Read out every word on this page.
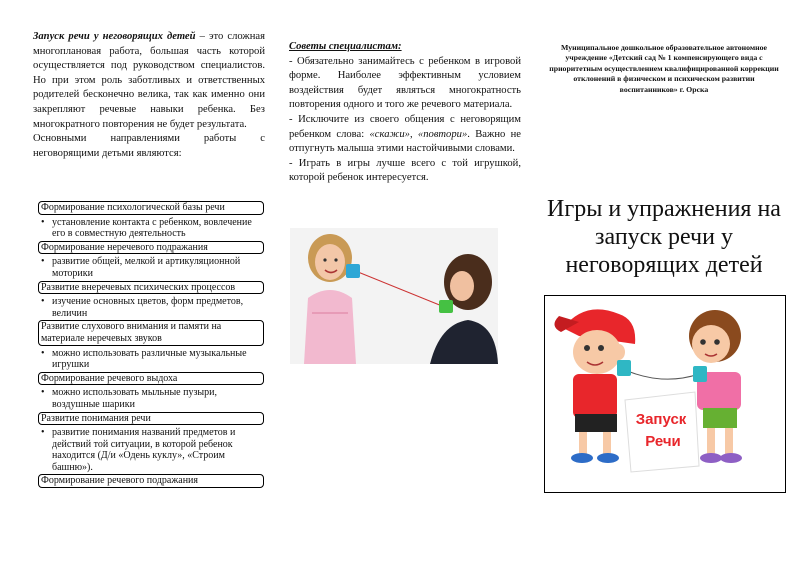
Запуск речи у неговорящих детей – это сложная многоплановая работа, большая часть которой осуществляется под руководством специалистов. Но при этом роль заботливых и ответственных родителей бесконечно велика, так как именно они закрепляют речевые навыки ребенка. Без многократного повторения не будет результата.

Основными направлениями работы с неговорящими детьми являются:

Формирование психологической базы речи
• установление контакта с ребенком, вовлечение его в совместную деятельность
Формирование неречевого подражания
• развитие общей, мелкой и артикуляционной моторики
Развитие внеречевых психических процессов
• изучение основных цветов, форм предметов, величин
Развитие слухового внимания и памяти на материале неречевых звуков
• можно использовать различные музыкальные игрушки
Формирование речевого выдоха
• можно использовать мыльные пузыри, воздушные шарики
Развитие понимания речи
• развитие понимания названий предметов и действий той ситуации, в которой ребенок находится (Д/и «Одень куклу», «Строим башню»).
Формирование речевого подражания
Советы специалистам:

- Обязательно занимайтесь с ребенком в игровой форме. Наиболее эффективным условием воздействия будет являться многократность повторения одного и того же речевого материала.

- Исключите из своего общения с неговорящим ребенком слова: «скажи», «повтори». Важно не отпугнуть малыша этими настойчивыми словами.

- Играть в игры лучше всего с той игрушкой, которой ребенок интересуется.

Муниципальное дошкольное образовательное автономное учреждение «Детский сад № 1 компенсирующего вида с приоритетным осуществлением квалифицированной коррекции отклонений в физическом и психическом развитии воспитанников» г. Орска
Игры и упражнения на запуск речи у неговорящих детей
Запуск
Речи
